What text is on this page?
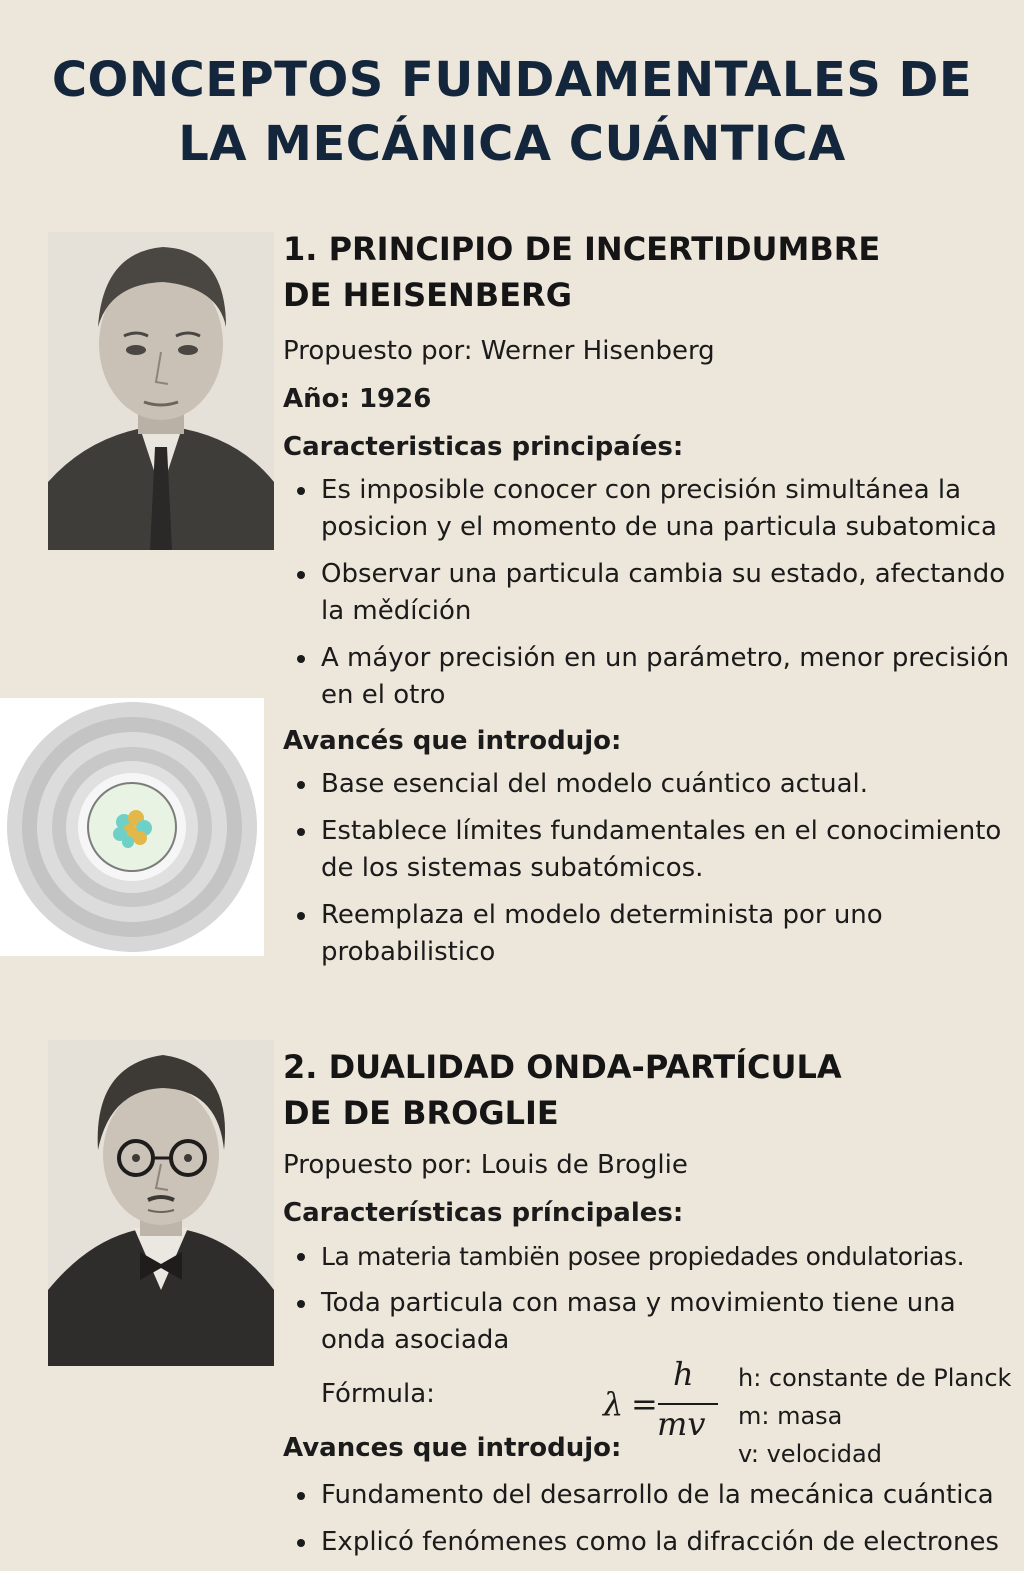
CONCEPTOS FUNDAMENTALES DE
LA MECÁNICA CUÁNTICA
1. PRINCIPIO DE INCERTIDUMBRE
DE HEISENBERG
Propuesto por: Werner Hisenberg
Año: 1926
Caracteristicas principaíes:
Es imposible conocer con precisión simultánea la posicion y el momento de una particula subatomica
Observar una particula cambia su estado, afectando la mědíción
A máyor precisión en un parámetro, menor precisión en el otro
Avancés que introdujo:
Base esencial del modelo cuántico actual.
Establece límites fundamentales en el conocimiento de los sistemas subatómicos.
Reemplaza el modelo determinista por uno probabilistico
2. DUALIDAD ONDA-PARTÍCULA
DE DE BROGLIE
Propuesto por: Louis de Broglie
Características príncipales:
La materia tambiën posee propiedades ondulatorias.
Toda particula con masa y movimiento tiene una onda asociada
Fórmula:	λ =
h
mv
h: constante de Planck
m: masa
v: velocidad
Avances que introdujo:
Fundamento del desarrollo de la mecánica cuántica
Explicó fenómenes como la difracción de electrones
